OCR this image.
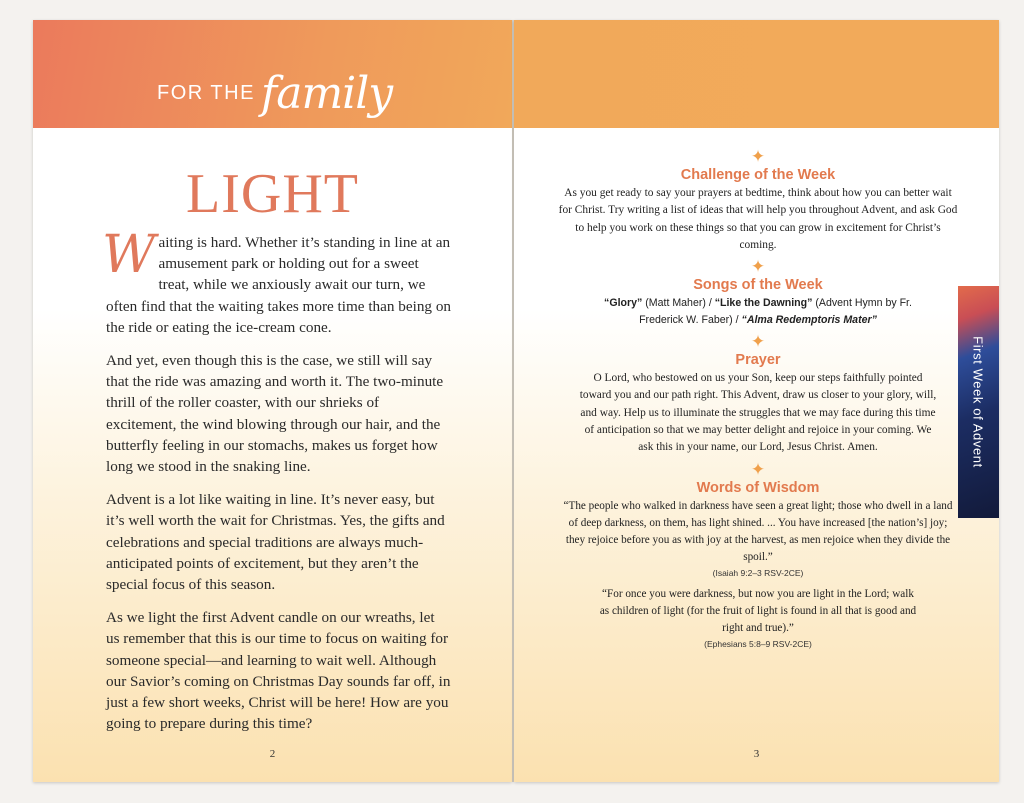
FOR THE family
LIGHT

Waiting is hard. Whether it’s standing in line at an amusement park or holding out for a sweet treat, while we anxiously await our turn, we often find that the waiting takes more time than being on the ride or eating the ice-cream cone.

And yet, even though this is the case, we still will say that the ride was amazing and worth it. The two-minute thrill of the roller coaster, with our shrieks of excitement, the wind blowing through our hair, and the butterfly feeling in our stomachs, makes us forget how long we stood in the snaking line.

Advent is a lot like waiting in line. It’s never easy, but it’s well worth the wait for Christmas. Yes, the gifts and celebrations and special traditions are always much-anticipated points of excitement, but they aren’t the special focus of this season.

As we light the first Advent candle on our wreaths, let us remember that this is our time to focus on waiting for someone special—and learning to wait well. Although our Savior’s coming on Christmas Day sounds far off, in just a few short weeks, Christ will be here! How are you going to prepare during this time?

2
✦
Challenge of the Week

As you get ready to say your prayers at bedtime, think about how you can better wait for Christ. Try writing a list of ideas that will help you throughout Advent, and ask God to help you work on these things so that you can grow in excitement for Christ’s coming.

✦
Songs of the Week

“Glory” (Matt Maher) / “Like the Dawning” (Advent Hymn by Fr. Frederick W. Faber) / “Alma Redemptoris Mater”

✦
Prayer

O Lord, who bestowed on us your Son, keep our steps faithfully pointed toward you and our path right. This Advent, draw us closer to your glory, will, and way. Help us to illuminate the struggles that we may face during this time of anticipation so that we may better delight and rejoice in your coming. We ask this in your name, our Lord, Jesus Christ. Amen.

✦
Words of Wisdom

“The people who walked in darkness have seen a great light; those who dwell in a land of deep darkness, on them, has light shined. ... You have increased [the nation’s] joy; they rejoice before you as with joy at the harvest, as men rejoice when they divide the spoil.”

(Isaiah 9:2–3 RSV-2CE)

“For once you were darkness, but now you are light in the Lord; walk as children of light (for the fruit of light is found in all that is good and right and true).”

(Ephesians 5:8–9 RSV-2CE)
First Week of Advent
3
